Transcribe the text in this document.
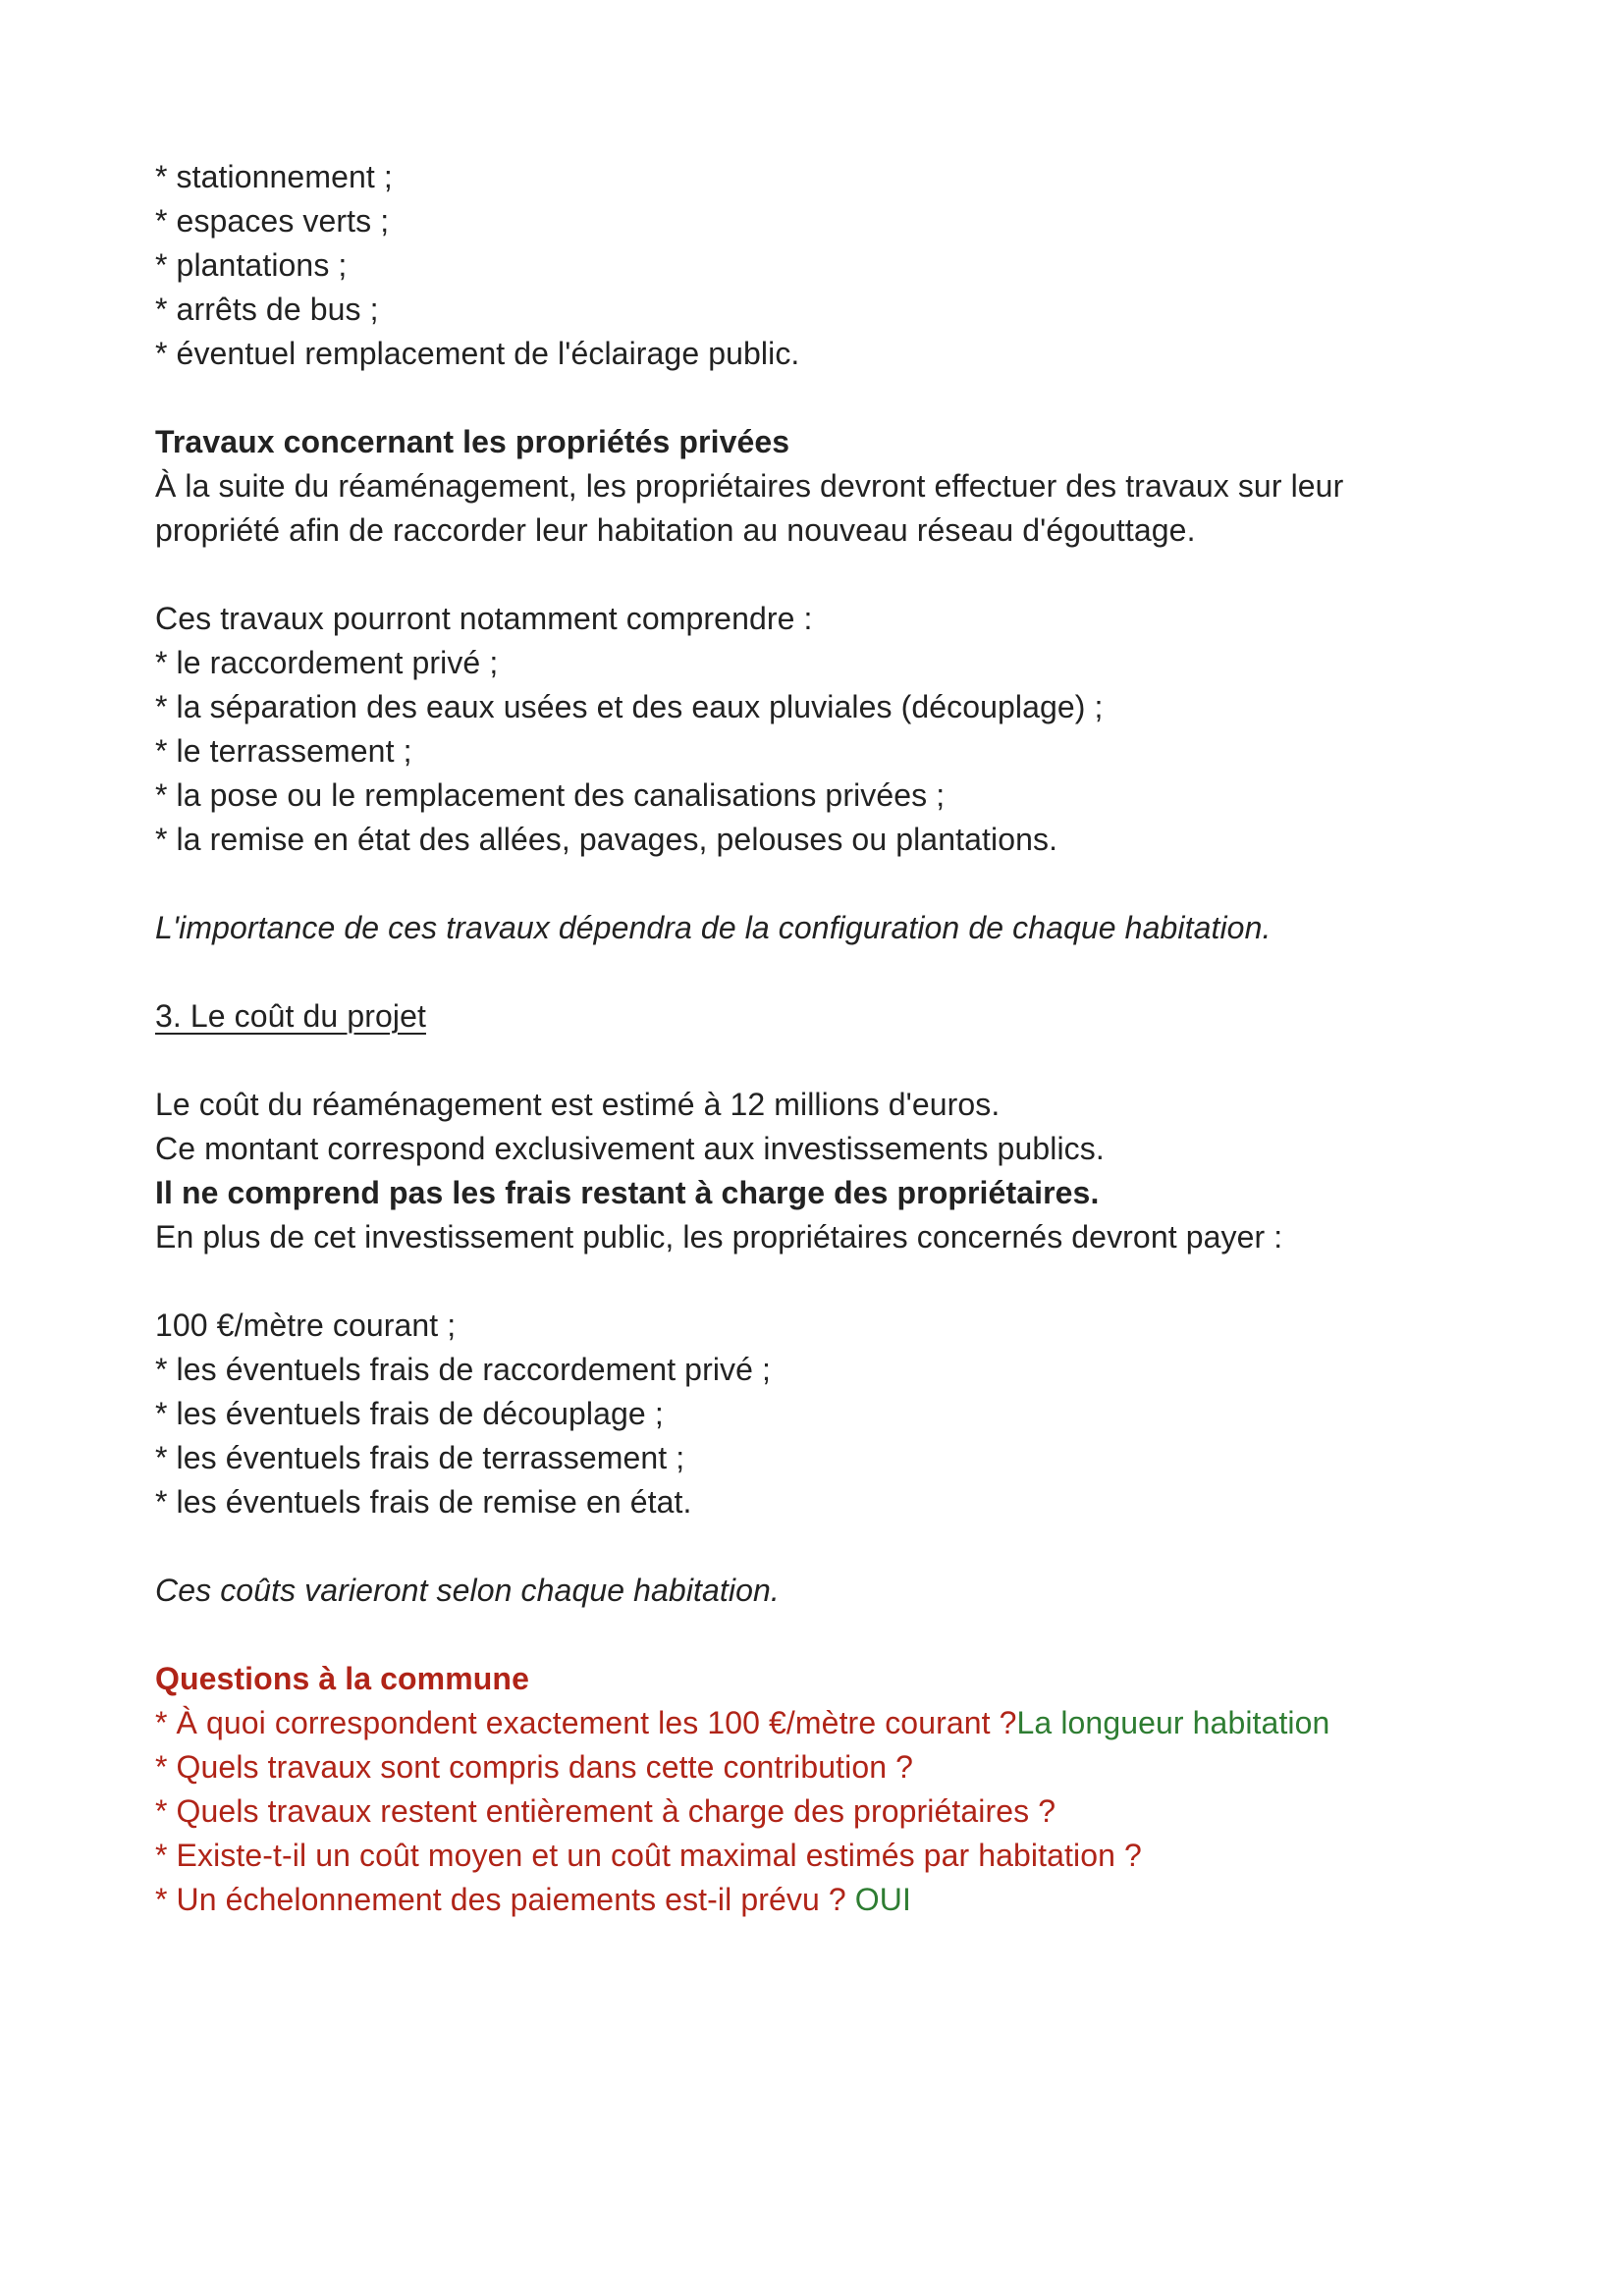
* stationnement ;
* espaces verts ;
* plantations ;
* arrêts de bus ;
* éventuel remplacement de l'éclairage public.
Travaux concernant les propriétés privées
À la suite du réaménagement, les propriétaires devront effectuer des travaux sur leur
propriété afin de raccorder leur habitation au nouveau réseau d'égouttage.
Ces travaux pourront notamment comprendre :
* le raccordement privé ;
* la séparation des eaux usées et des eaux pluviales (découplage) ;
* le terrassement ;
* la pose ou le remplacement des canalisations privées ;
* la remise en état des allées, pavages, pelouses ou plantations.
L'importance de ces travaux dépendra de la configuration de chaque habitation.
3. Le coût du projet
Le coût du réaménagement est estimé à 12 millions d'euros.
Ce montant correspond exclusivement aux investissements publics.
Il ne comprend pas les frais restant à charge des propriétaires.
En plus de cet investissement public, les propriétaires concernés devront payer :
100 €/mètre courant ;
* les éventuels frais de raccordement privé ;
* les éventuels frais de découplage ;
* les éventuels frais de terrassement ;
* les éventuels frais de remise en état.
Ces coûts varieront selon chaque habitation.
Questions à la commune
* À quoi correspondent exactement les 100 €/mètre courant ?La longueur habitation
* Quels travaux sont compris dans cette contribution ?
* Quels travaux restent entièrement à charge des propriétaires ?
* Existe-t-il un coût moyen et un coût maximal estimés par habitation ?
* Un échelonnement des paiements est-il prévu ? OUI
